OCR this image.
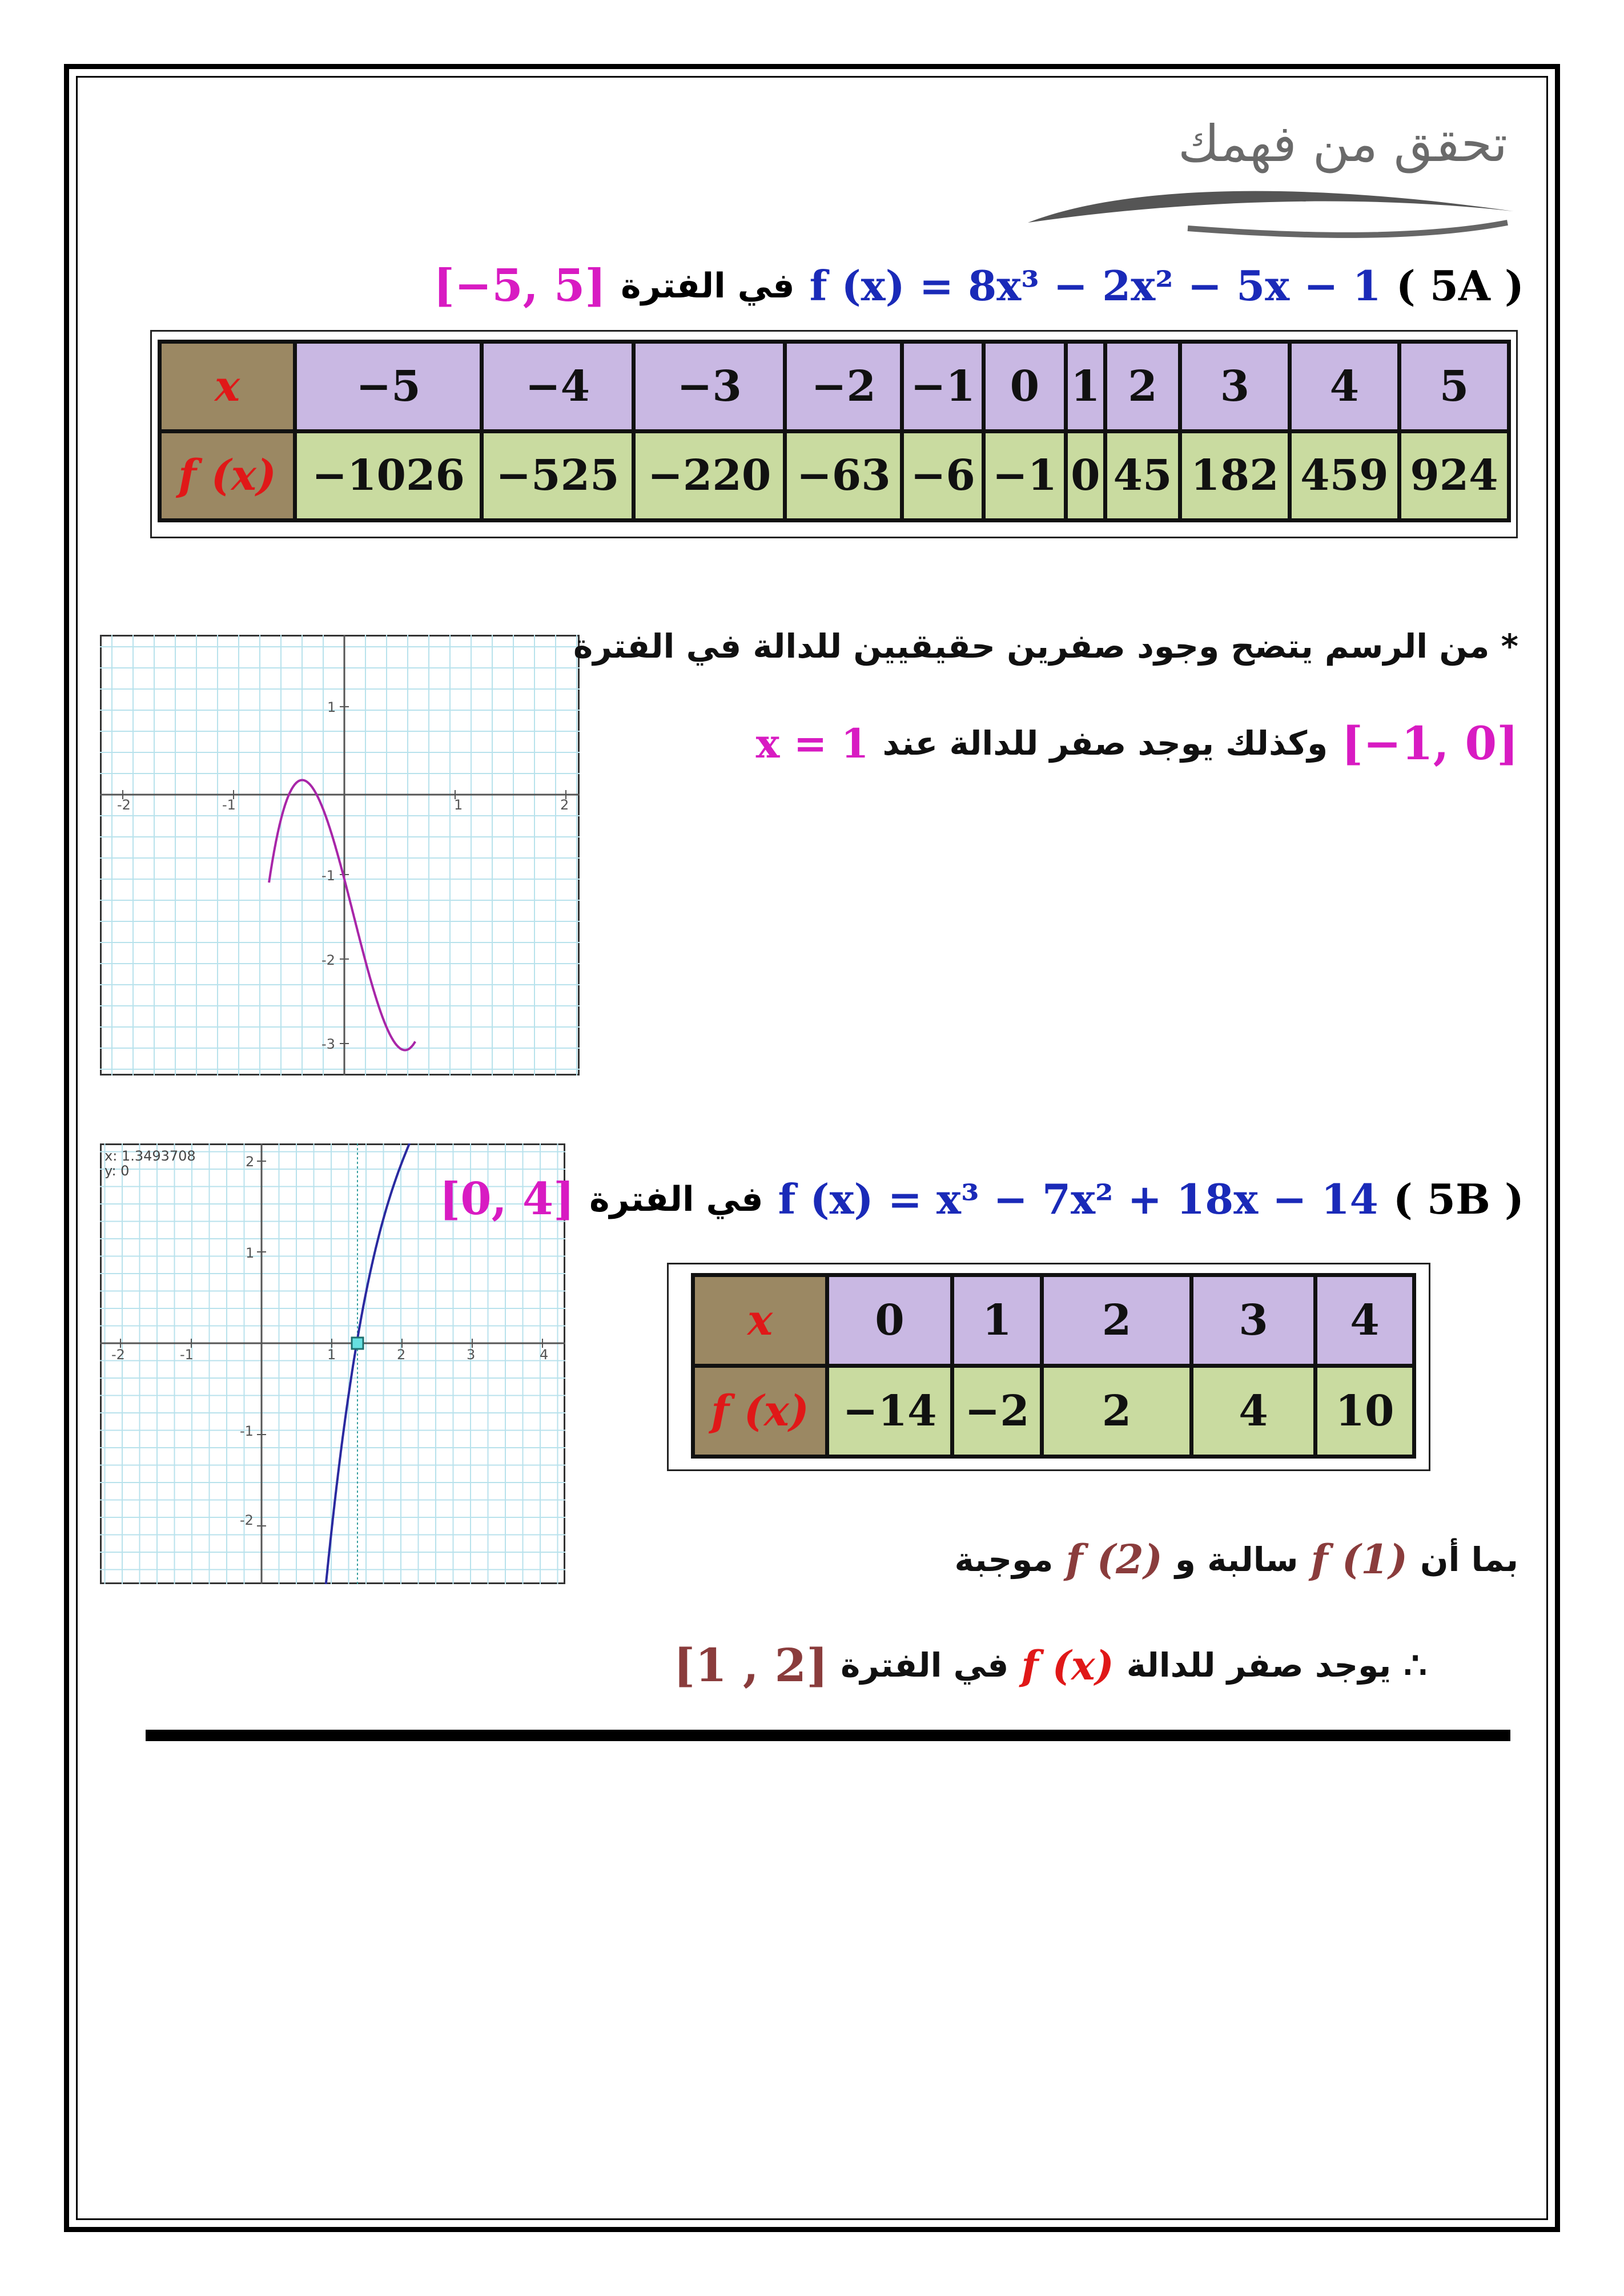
تحقق من فهمك
( 5A )
f (x) = 8x³ − 2x² − 5x − 1
في الفترة
[−5, 5]
x	−5	−4	−3	−2	−1	0	1	2	3	4	5
f (x)	−1026	−525	−220	−63	−6	−1	0	45	182	459	924
-2	-1	1	2
1
-1
-2
-3
* من الرسم يتضح وجود صفرين حقيقيين للدالة في الفترة
[−1, 0]
وكذلك يوجد صفر للدالة عند
x = 1
x: 1.3493708
y: 0
-2	-1	1	2	3	4
2
1
-1
-2
( 5B )
f (x) = x³ − 7x² + 18x − 14
في الفترة
[0, 4]
x	0	1	2	3	4
f (x)	−14	−2	2	4	10
بما أن
f (1)
سالبة و
f (2)
موجبة
∴
يوجد صفر للدالة
f (x)
في الفترة
[1 , 2]
